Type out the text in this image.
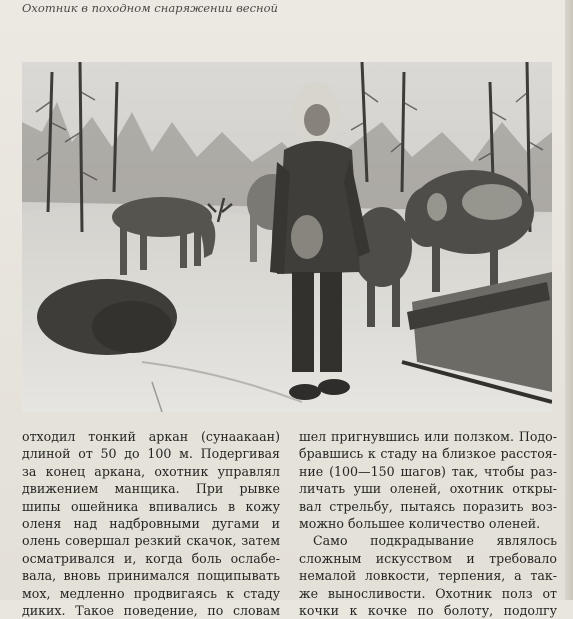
Охотник в походном снаряжении весной
отходил тонкий аркан (сунаакаан)
длиной от 50 до 100 м. Подергивая
за конец аркана, охотник управлял
движением манщика. При рывке
шипы ошейника впивались в кожу
оленя над надбровными дугами и
олень совершал резкий скачок, затем
осматривался и, когда боль ослабе-
вала, вновь принимался пощипывать
мох, медленно продвигаясь к стаду
диких. Такое поведение, по словам
шел пригнувшись или ползком. Подо-
бравшись к стаду на близкое расстоя-
ние (100—150 шагов) так, чтобы раз-
личать уши оленей, охотник откры-
вал стрельбу, пытаясь поразить воз-
можно большее количество оленей.
Само подкрадывание являлось
сложным искусством и требовало
немалой ловкости, терпения, а так-
же выносливости. Охотник полз от
кочки к кочке по болоту, подолгу
